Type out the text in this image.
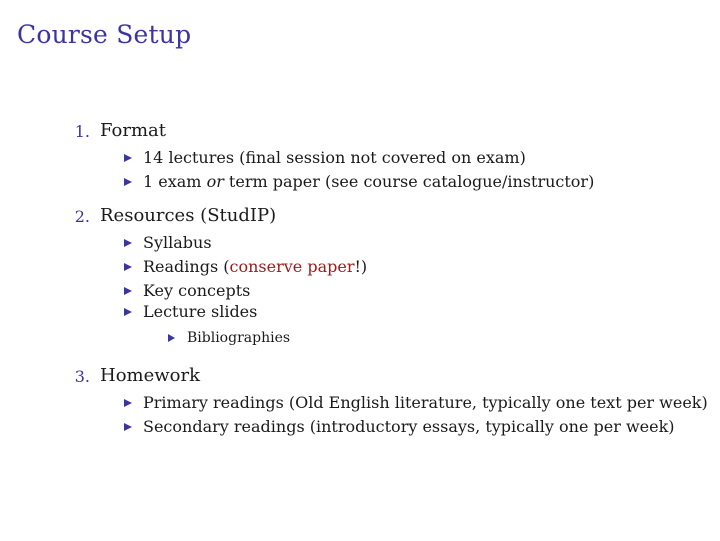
Course Setup
1. Format
14 lectures (final session not covered on exam)
1 exam or term paper (see course catalogue/instructor)
2. Resources (StudIP)
Syllabus
Readings (conserve paper!)
Key concepts
Lecture slides
Bibliographies
3. Homework
Primary readings (Old English literature, typically one text per week)
Secondary readings (introductory essays, typically one per week)
